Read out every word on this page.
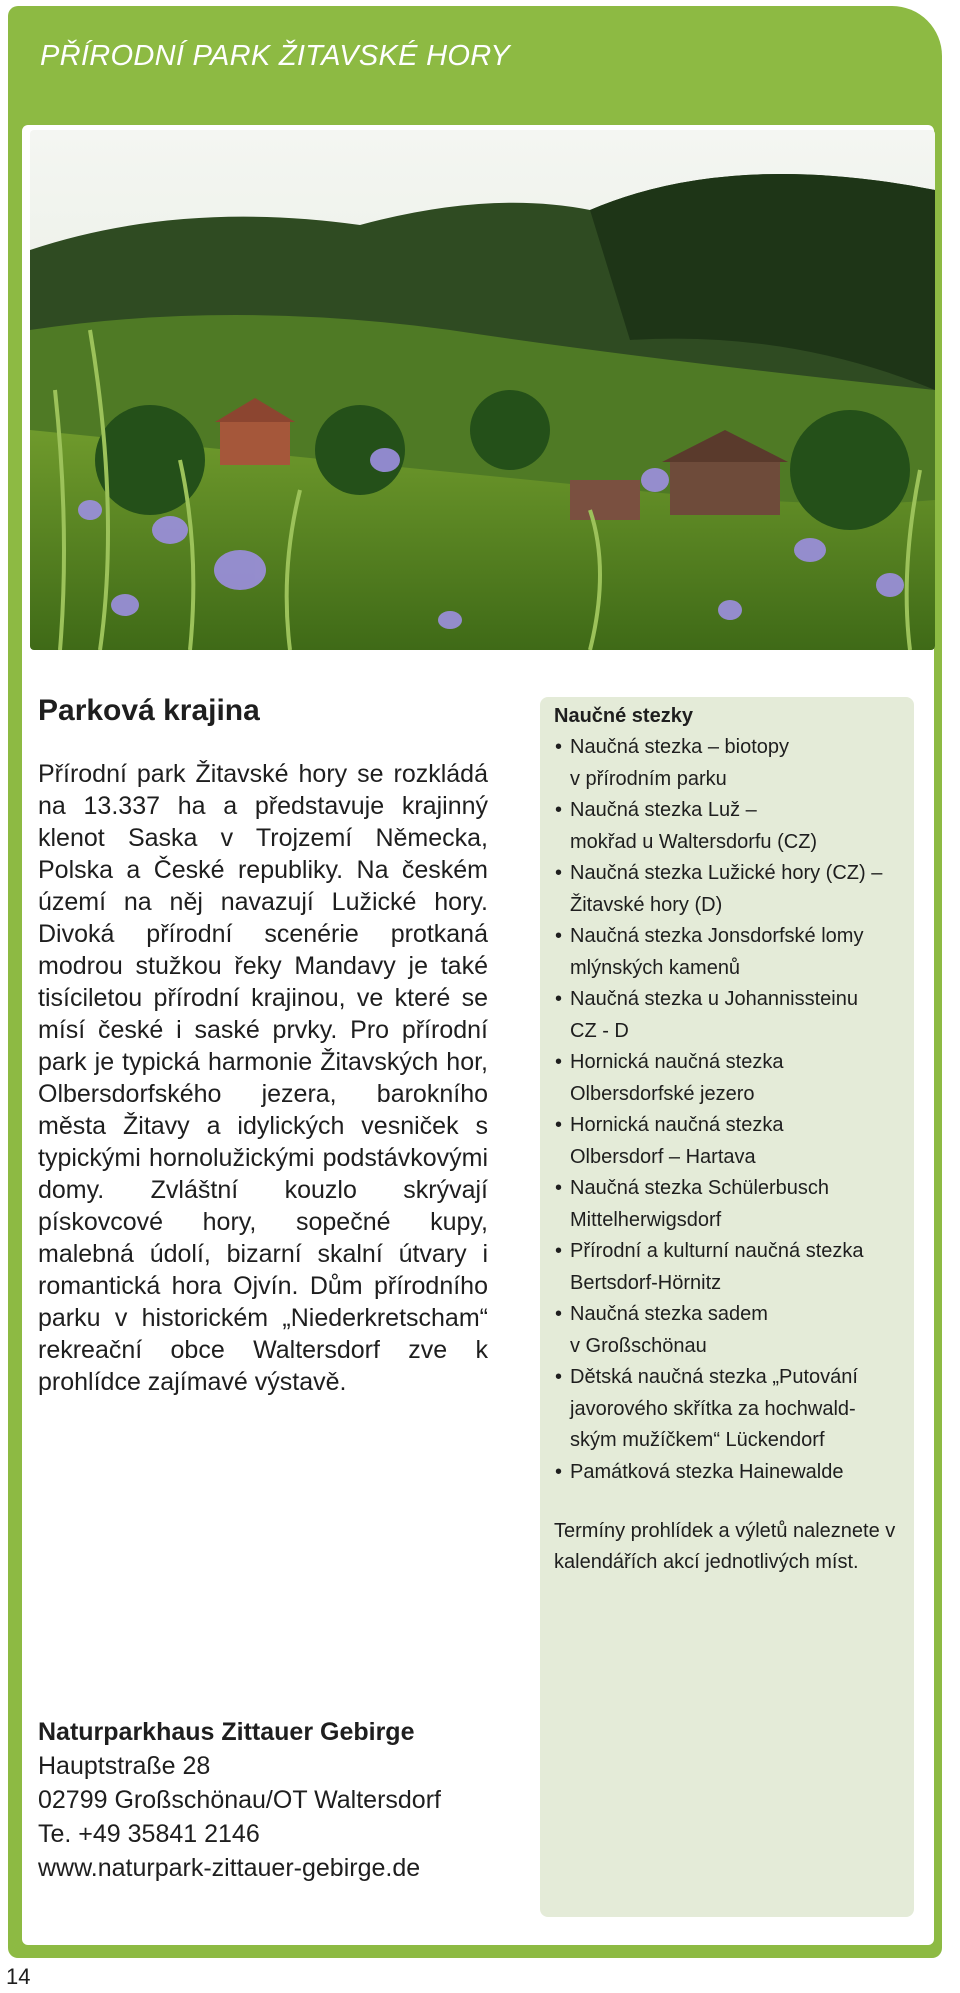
PŘÍRODNÍ PARK ŽITAVSKÉ HORY
Parková krajina
Přírodní park Žitavské hory se rozkládá na 13.337 ha a představuje krajinný klenot Saska v Trojzemí Německa, Polska a České republiky. Na českém území na něj navazují Lužické hory. Divoká přírodní scenérie protkaná modrou stužkou řeky Mandavy je také tisíciletou přírodní krajinou, ve které se mísí české i saské prvky. Pro přírodní park je typická harmonie Žitavských hor, Olbersdorfského jezera, barokního města Žitavy a idylických vesniček s typickými hornolužickými podstávkovými domy. Zvláštní kouzlo skrývají pískovcové hory, sopečné kupy, malebná údolí, bizarní skalní útvary i romantická hora Ojvín. Dům přírodního parku v historickém „Niederkretscham“ rekreační obce Waltersdorf zve k prohlídce zajímavé výstavě.
Naučné stezky
• Naučná stezka – biotopy
v přírodním parku
• Naučná stezka Luž –
mokřad u Waltersdorfu (CZ)
• Naučná stezka Lužické hory (CZ) –
Žitavské hory (D)
• Naučná stezka Jonsdorfské lomy
mlýnských kamenů
• Naučná stezka u Johannissteinu
CZ - D
• Hornická naučná stezka
Olbersdorfské jezero
• Hornická naučná stezka
Olbersdorf – Hartava
• Naučná stezka Schülerbusch
Mittelherwigsdorf
• Přírodní a kulturní naučná stezka
Bertsdorf-Hörnitz
• Naučná stezka sadem
v Großschönau
• Dětská naučná stezka „Putování
javorového skřítka za hochwald-
ským mužíčkem“ Lückendorf
• Památková stezka Hainewalde
Termíny prohlídek a výletů naleznete v kalendářích akcí jednotlivých míst.
Naturparkhaus Zittauer Gebirge
Hauptstraße 28
02799 Großschönau/OT Waltersdorf
Te. +49 35841 2146
www.naturpark-zittauer-gebirge.de
14
